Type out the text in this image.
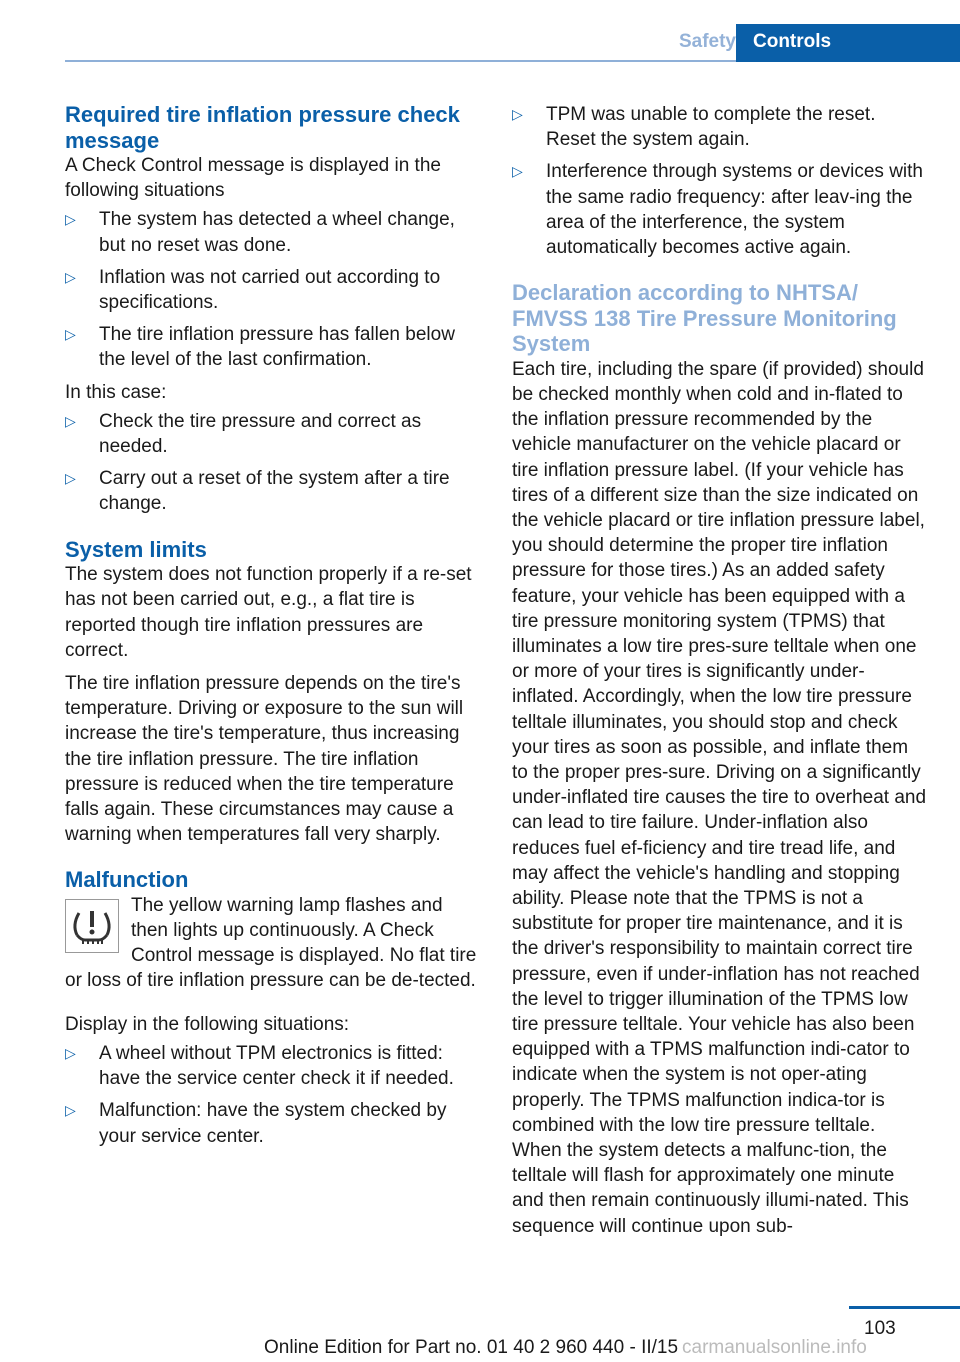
Safety Controls
Required tire inflation pressure check message

A Check Control message is displayed in the following situations

▷ The system has detected a wheel change, but no reset was done.
▷ Inflation was not carried out according to specifications.
▷ The tire inflation pressure has fallen below the level of the last confirmation.

In this case:

▷ Check the tire pressure and correct as needed.
▷ Carry out a reset of the system after a tire change.
System limits

The system does not function properly if a re-set has not been carried out, e.g., a flat tire is reported though tire inflation pressures are correct.

The tire inflation pressure depends on the tire's temperature. Driving or exposure to the sun will increase the tire's temperature, thus increasing the tire inflation pressure. The tire inflation pressure is reduced when the tire temperature falls again. These circumstances may cause a warning when temperatures fall very sharply.

Malfunction

The yellow warning lamp flashes and then lights up continuously. A Check Control message is displayed. No flat tire or loss of tire inflation pressure can be de-tected.

Display in the following situations:

▷ A wheel without TPM electronics is fitted: have the service center check it if needed.
▷ Malfunction: have the system checked by your service center.
▷ TPM was unable to complete the reset. Reset the system again.
▷ Interference through systems or devices with the same radio frequency: after leav-ing the area of the interference, the system automatically becomes active again.
Declaration according to NHTSA/ FMVSS 138 Tire Pressure Monitoring System

Each tire, including the spare (if provided) should be checked monthly when cold and in-flated to the inflation pressure recommended by the vehicle manufacturer on the vehicle placard or tire inflation pressure label. (If your vehicle has tires of a different size than the size indicated on the vehicle placard or tire inflation pressure label, you should determine the proper tire inflation pressure for those tires.) As an added safety feature, your vehicle has been equipped with a tire pressure monitoring system (TPMS) that illuminates a low tire pres-sure telltale when one or more of your tires is significantly under-inflated. Accordingly, when the low tire pressure telltale illuminates, you should stop and check your tires as soon as possible, and inflate them to the proper pres-sure. Driving on a significantly under-inflated tire causes the tire to overheat and can lead to tire failure. Under-inflation also reduces fuel ef-ficiency and tire tread life, and may affect the vehicle's handling and stopping ability. Please note that the TPMS is not a substitute for proper tire maintenance, and it is the driver's responsibility to maintain correct tire pressure, even if under-inflation has not reached the level to trigger illumination of the TPMS low tire pressure telltale. Your vehicle has also been equipped with a TPMS malfunction indi-cator to indicate when the system is not oper-ating properly. The TPMS malfunction indica-tor is combined with the low tire pressure telltale. When the system detects a malfunc-tion, the telltale will flash for approximately one minute and then remain continuously illumi-nated. This sequence will continue upon sub-

103
Online Edition for Part no. 01 40 2 960 440 - II/15 carmanualsonline.info
